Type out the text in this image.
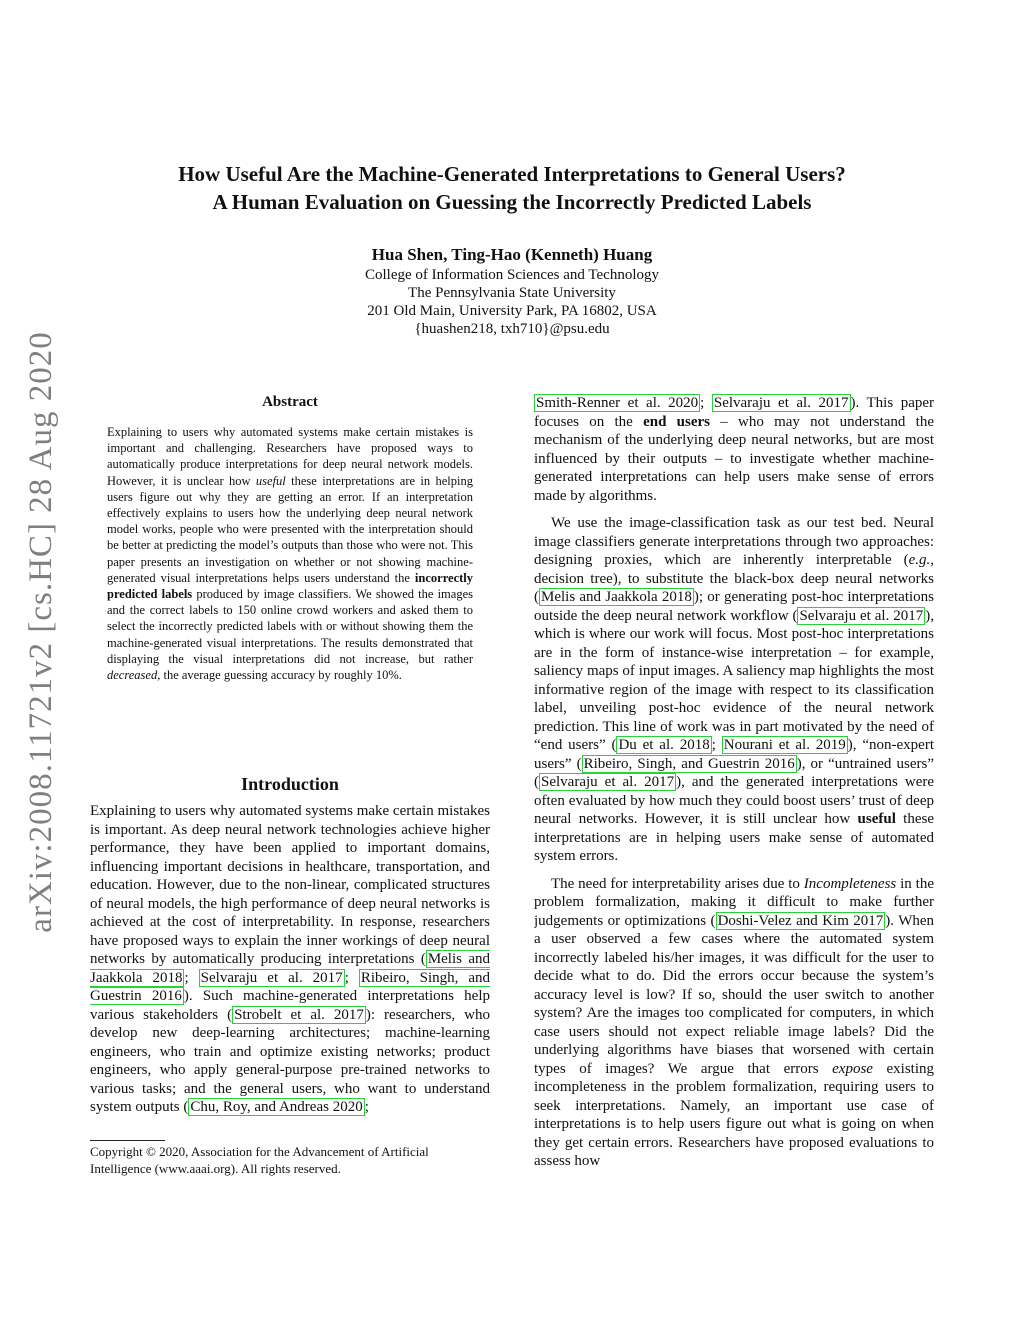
arXiv:2008.11721v2 [cs.HC] 28 Aug 2020
How Useful Are the Machine-Generated Interpretations to General Users?
A Human Evaluation on Guessing the Incorrectly Predicted Labels
Hua Shen, Ting-Hao (Kenneth) Huang
College of Information Sciences and Technology
The Pennsylvania State University
201 Old Main, University Park, PA 16802, USA
{huashen218, txh710}@psu.edu
Abstract

Explaining to users why automated systems make certain mistakes is important and challenging. Researchers have proposed ways to automatically produce interpretations for deep neural network models. However, it is unclear how useful these interpretations are in helping users figure out why they are getting an error. If an interpretation effectively explains to users how the underlying deep neural network model works, people who were presented with the interpretation should be better at predicting the model’s outputs than those who were not. This paper presents an investigation on whether or not showing machine-generated visual interpretations helps users understand the incorrectly predicted labels produced by image classifiers. We showed the images and the correct labels to 150 online crowd workers and asked them to select the incorrectly predicted labels with or without showing them the machine-generated visual interpretations. The results demonstrated that displaying the visual interpretations did not increase, but rather decreased, the average guessing accuracy by roughly 10%.

Introduction

Explaining to users why automated systems make certain mistakes is important. As deep neural network technologies achieve higher performance, they have been applied to important domains, influencing important decisions in healthcare, transportation, and education. However, due to the non-linear, complicated structures of neural models, the high performance of deep neural networks is achieved at the cost of interpretability. In response, researchers have proposed ways to explain the inner workings of deep neural networks by automatically producing interpretations ( Melis and Jaakkola 2018 ; Selvaraju et al. 2017 ; Ribeiro, Singh, and Guestrin 2016 ). Such machine-generated interpretations help various stakeholders ( Strobelt et al. 2017 ): researchers, who develop new deep-learning architectures; machine-learning engineers, who train and optimize existing networks; product engineers, who apply general-purpose pre-trained networks to various tasks; and the general users, who want to understand system outputs ( Chu, Roy, and Andreas 2020 ;

Copyright © 2020, Association for the Advancement of Artificial Intelligence (www.aaai.org). All rights reserved.

Smith-Renner et al. 2020 ; Selvaraju et al. 2017 ). This paper focuses on the end users – who may not understand the mechanism of the underlying deep neural networks, but are most influenced by their outputs – to investigate whether machine-generated interpretations can help users make sense of errors made by algorithms.

We use the image-classification task as our test bed. Neural image classifiers generate interpretations through two approaches: designing proxies, which are inherently interpretable (e.g., decision tree), to substitute the black-box deep neural networks ( Melis and Jaakkola 2018 ); or generating post-hoc interpretations outside the deep neural network workflow ( Selvaraju et al. 2017 ), which is where our work will focus. Most post-hoc interpretations are in the form of instance-wise interpretation – for example, saliency maps of input images. A saliency map highlights the most informative region of the image with respect to its classification label, unveiling post-hoc evidence of the neural network prediction. This line of work was in part motivated by the need of “end users” ( Du et al. 2018 ; Nourani et al. 2019 ), “non-expert users” ( Ribeiro, Singh, and Guestrin 2016 ), or “untrained users” ( Selvaraju et al. 2017 ), and the generated interpretations were often evaluated by how much they could boost users’ trust of deep neural networks. However, it is still unclear how useful these interpretations are in helping users make sense of automated system errors.

The need for interpretability arises due to Incompleteness in the problem formalization, making it difficult to make further judgements or optimizations ( Doshi-Velez and Kim 2017 ). When a user observed a few cases where the automated system incorrectly labeled his/her images, it was difficult for the user to decide what to do. Did the errors occur because the system’s accuracy level is low? If so, should the user switch to another system? Are the images too complicated for computers, in which case users should not expect reliable image labels? Did the underlying algorithms have biases that worsened with certain types of images? We argue that errors expose existing incompleteness in the problem formalization, requiring users to seek interpretations. Namely, an important use case of interpretations is to help users figure out what is going on when they get certain errors. Researchers have proposed evaluations to assess how
